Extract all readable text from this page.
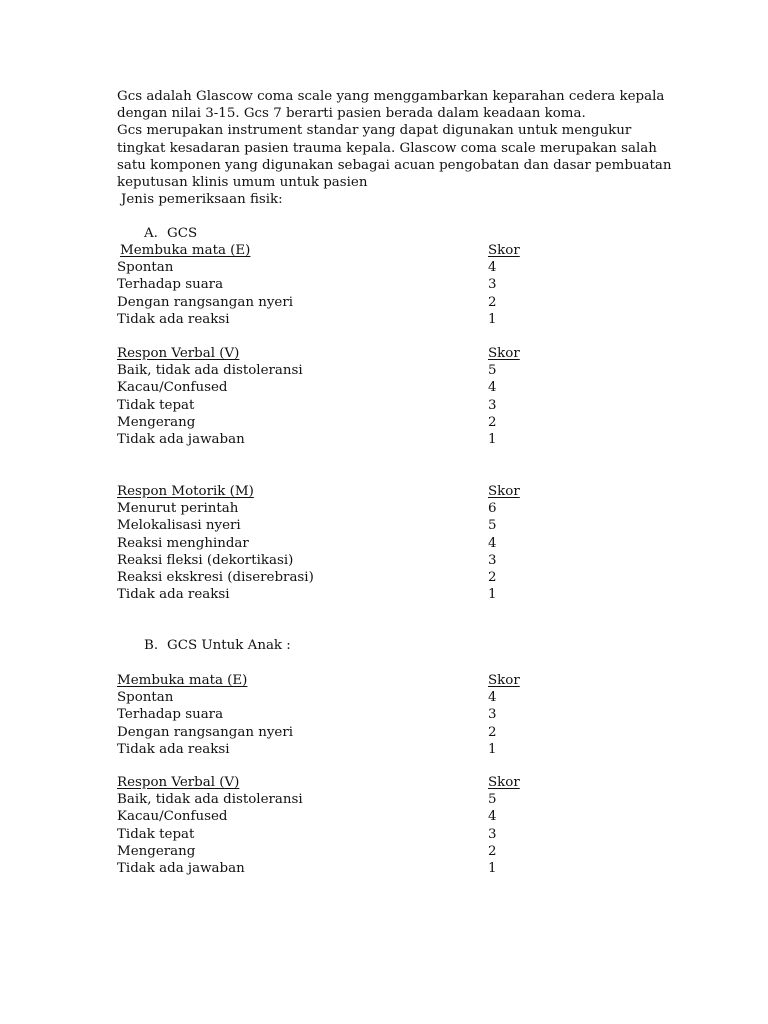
Gcs adalah Glascow coma scale yang menggambarkan keparahan cedera kepala
dengan nilai 3-15. Gcs 7 berarti pasien berada dalam keadaan koma.
Gcs merupakan instrument standar yang dapat digunakan untuk mengukur
tingkat kesadaran pasien trauma kepala. Glascow coma scale merupakan salah
satu komponen yang digunakan sebagai acuan pengobatan dan dasar pembuatan
keputusan klinis umum untuk pasien
Jenis pemeriksaan fisik:
A. GCS
Membuka mata (E)	Skor
Spontan	4
Terhadap suara	3
Dengan rangsangan nyeri	2
Tidak ada reaksi	1
Respon Verbal (V)	Skor
Baik, tidak ada distoleransi	5
Kacau/Confused	4
Tidak tepat	3
Mengerang	2
Tidak ada jawaban	1
Respon Motorik (M)	Skor
Menurut perintah	6
Melokalisasi nyeri	5
Reaksi menghindar	4
Reaksi fleksi (dekortikasi)	3
Reaksi ekskresi (diserebrasi)	2
Tidak ada reaksi	1
B. GCS Untuk Anak :
Membuka mata (E)	Skor
Spontan	4
Terhadap suara	3
Dengan rangsangan nyeri	2
Tidak ada reaksi	1
Respon Verbal (V)	Skor
Baik, tidak ada distoleransi	5
Kacau/Confused	4
Tidak tepat	3
Mengerang	2
Tidak ada jawaban	1
